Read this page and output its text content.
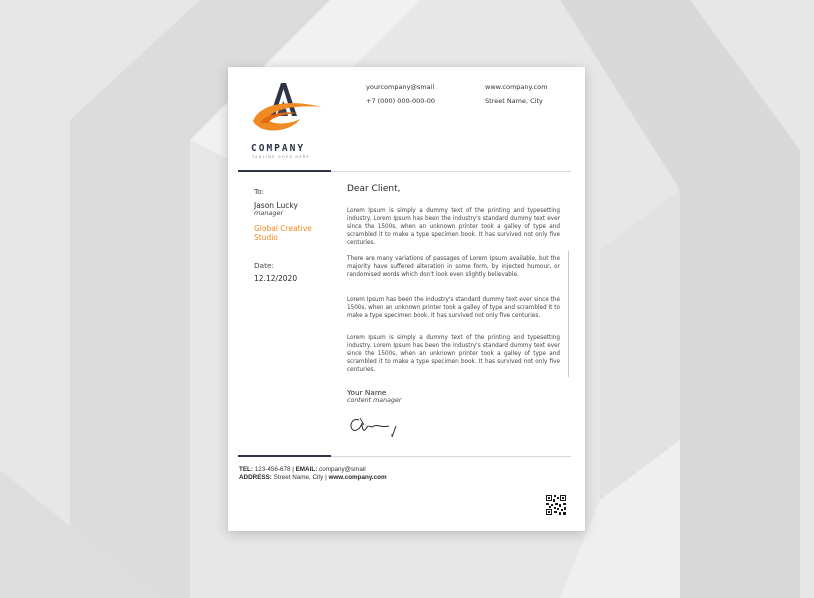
COMPANY
TAGLINE GOES HERE
yourcompany@smail
+7 (000) 000-000-00
www.company.com
Street Name, City
To:
Jason Lucky
manager
Global Creative Studio
Date:
12.12/2020
Dear Client,
Lorem Ipsum is simply a dummy text of the printing and typesetting industry. Lorem Ipsum has been the industry's standard dummy text ever since the 1500s, when an unknown printer took a galley of type and scrambled it to make a type specimen book. It has survived not only five centuries.
There are many variations of passages of Lorem Ipsum available, but the majority have suffered alteration in some form, by injected humour, or randomised words which don't look even slightly believable.
Lorem Ipsum has been the industry's standard dummy text ever since the 1500s, when an unknown printer took a galley of type and scrambled it to make a type specimen book. It has survived not only five centuries.
Lorem Ipsum is simply a dummy text of the printing and typesetting industry. Lorem Ipsum has been the industry's standard dummy text ever since the 1500s, when an unknown printer took a galley of type and scrambled it to make a type specimen book. It has survived not only five centuries.
Your Name
content manager
TEL: 123-456-678 | EMAIL: company@smail
ADDRESS: Street Name, City | www.company.com
